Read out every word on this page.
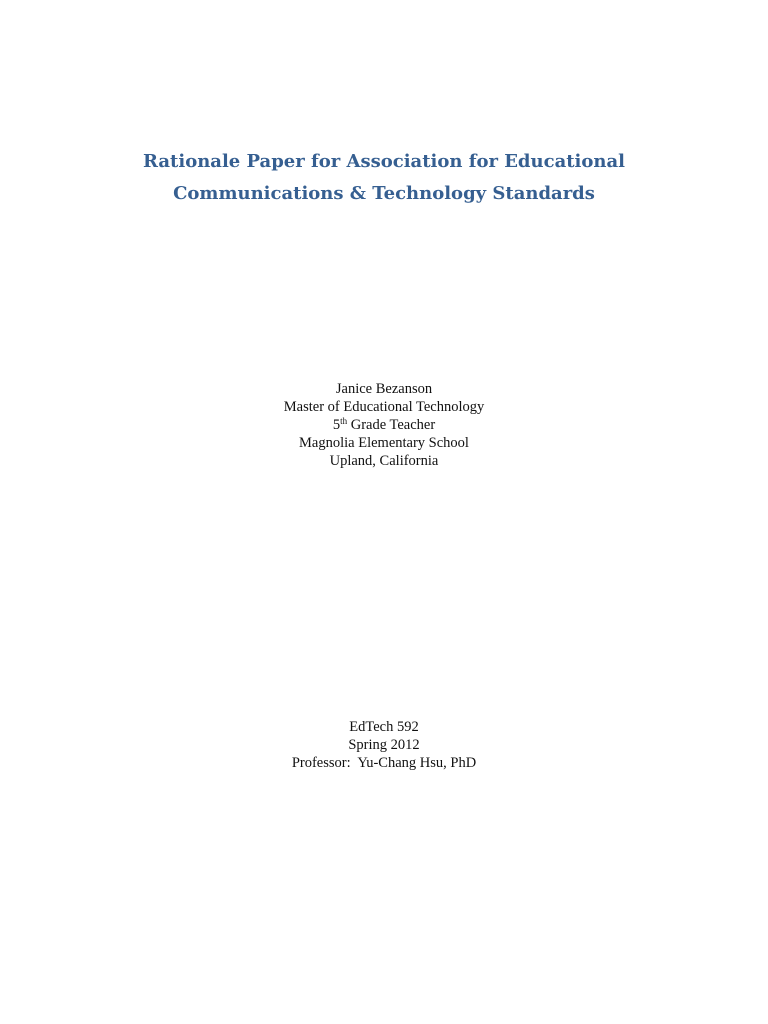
Rationale Paper for Association for Educational
Communications & Technology Standards
Janice Bezanson
Master of Educational Technology
5th Grade Teacher
Magnolia Elementary School
Upland, California
EdTech 592
Spring 2012
Professor:  Yu-Chang Hsu, PhD
